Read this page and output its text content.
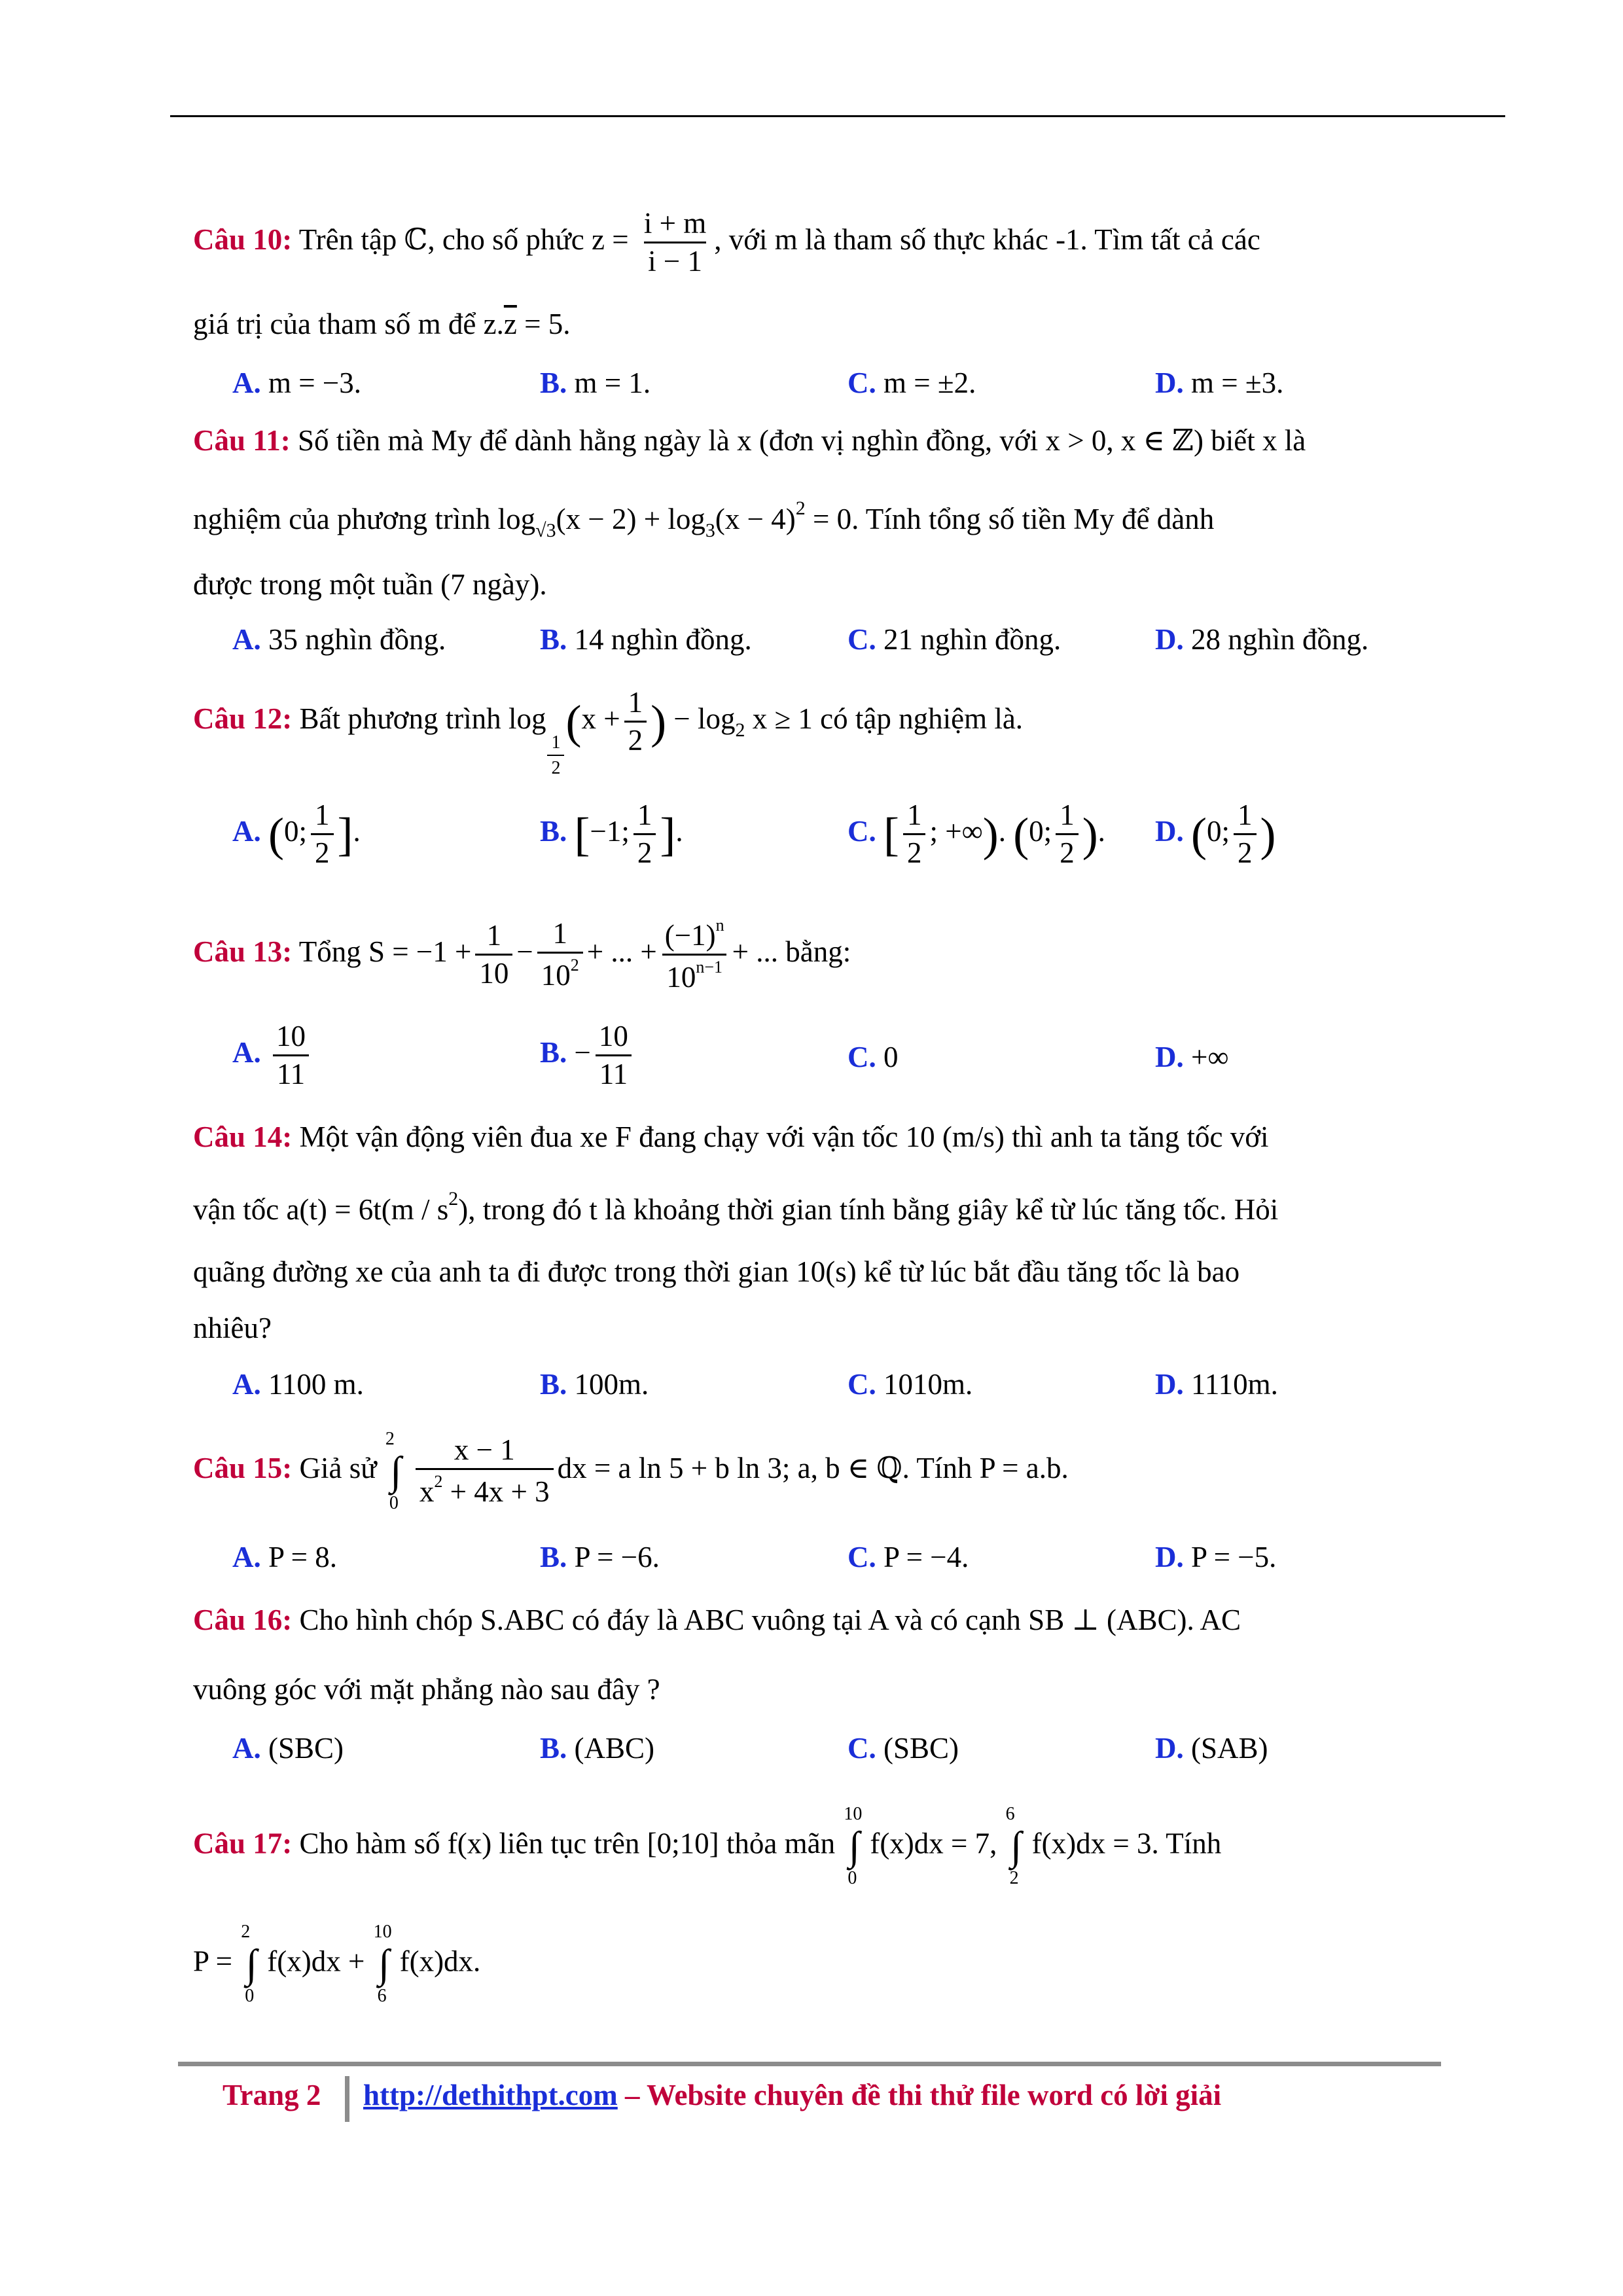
Câu 10: Trên tập ℂ, cho số phức $z = \frac{i + m}{i - 1}$ , với m là tham số thực khác -1. Tìm tất cả các
giá trị của tham số m để $z.\overline{z} = 5$.
A. m = −3.	B. m = 1.	C. m = ±2.	D. m = ±3.
Câu 11: Số tiền mà My để dành hằng ngày là x (đơn vị nghìn đồng, với x > 0, x ∈ ℤ) biết x là
nghiệm của phương trình $\log_{√3}(x - 2) + \log_3(x - 4)^2 = 0$. Tính tổng số tiền My để dành
được trong một tuần (7 ngày).
A. 35 nghìn đồng.	B. 14 nghìn đồng.	C. 21 nghìn đồng.	D. 28 nghìn đồng.
Câu 12: Bất phương trình log
$\frac{1}{2}$
($x + \frac{1}{2}$ ) − $\log_2 x \ge 1$ có tập nghiệm là.
A. (0; $\frac{1}{2}$ ].	B. [−1; $\frac{1}{2}$ ].	C. [ $\frac{1}{2}$ ; +∞). (0; $\frac{1}{2}$ ). D. (0; $\frac{1}{2}$ )
Câu 13: Tổng $S = -1 + \frac{1}{10} - \frac{1}{10^2}$ + ... + $\frac{(-1)^n}{10^{n-1}}$ + ... bằng:
A. $\frac{10}{11}$	B. − $\frac{10}{11}$	C. 0	D. +∞
Câu 14: Một vận động viên đua xe F đang chạy với vận tốc 10 (m/s) thì anh ta tăng tốc với
vận tốc $a(t) = 6t(m / s^2)$, trong đó t là khoảng thời gian tính bằng giây kể từ lúc tăng tốc. Hỏi
quãng đường xe của anh ta đi được trong thời gian 10(s) kể từ lúc bắt đầu tăng tốc là bao
nhiêu?
A. 1100 m.	B. 100m.	C. 1010m.	D. 1110m.
Câu 15: Giả sử
2
∫
$0 \frac{x - 1}{x^2 + 4x + 3}$ dx = a ln 5 + b ln 3; a, b ∈ ℚ. Tính P = a.b.
A. P = 8.	B. P = −6.	C. P = −4.	D. P = −5.
Câu 16: Cho hình chóp S.ABC có đáy là ABC vuông tại A và có cạnh SB ⊥ (ABC). AC
vuông góc với mặt phẳng nào sau đây ?
A. (SBC)	B. (ABC)	C. (SBC)	D. (SAB)
Câu 17: Cho hàm số f(x) liên tục trên [0;10] thỏa mãn
10
∫
0
f(x)dx = 7,
6
∫
2
f(x)dx = 3. Tính
P =
2
∫
0
f(x)dx +
10
∫
6
f(x)dx.
Trang 2 http://dethithpt.com – Website chuyên đề thi thử file word có lời giải
